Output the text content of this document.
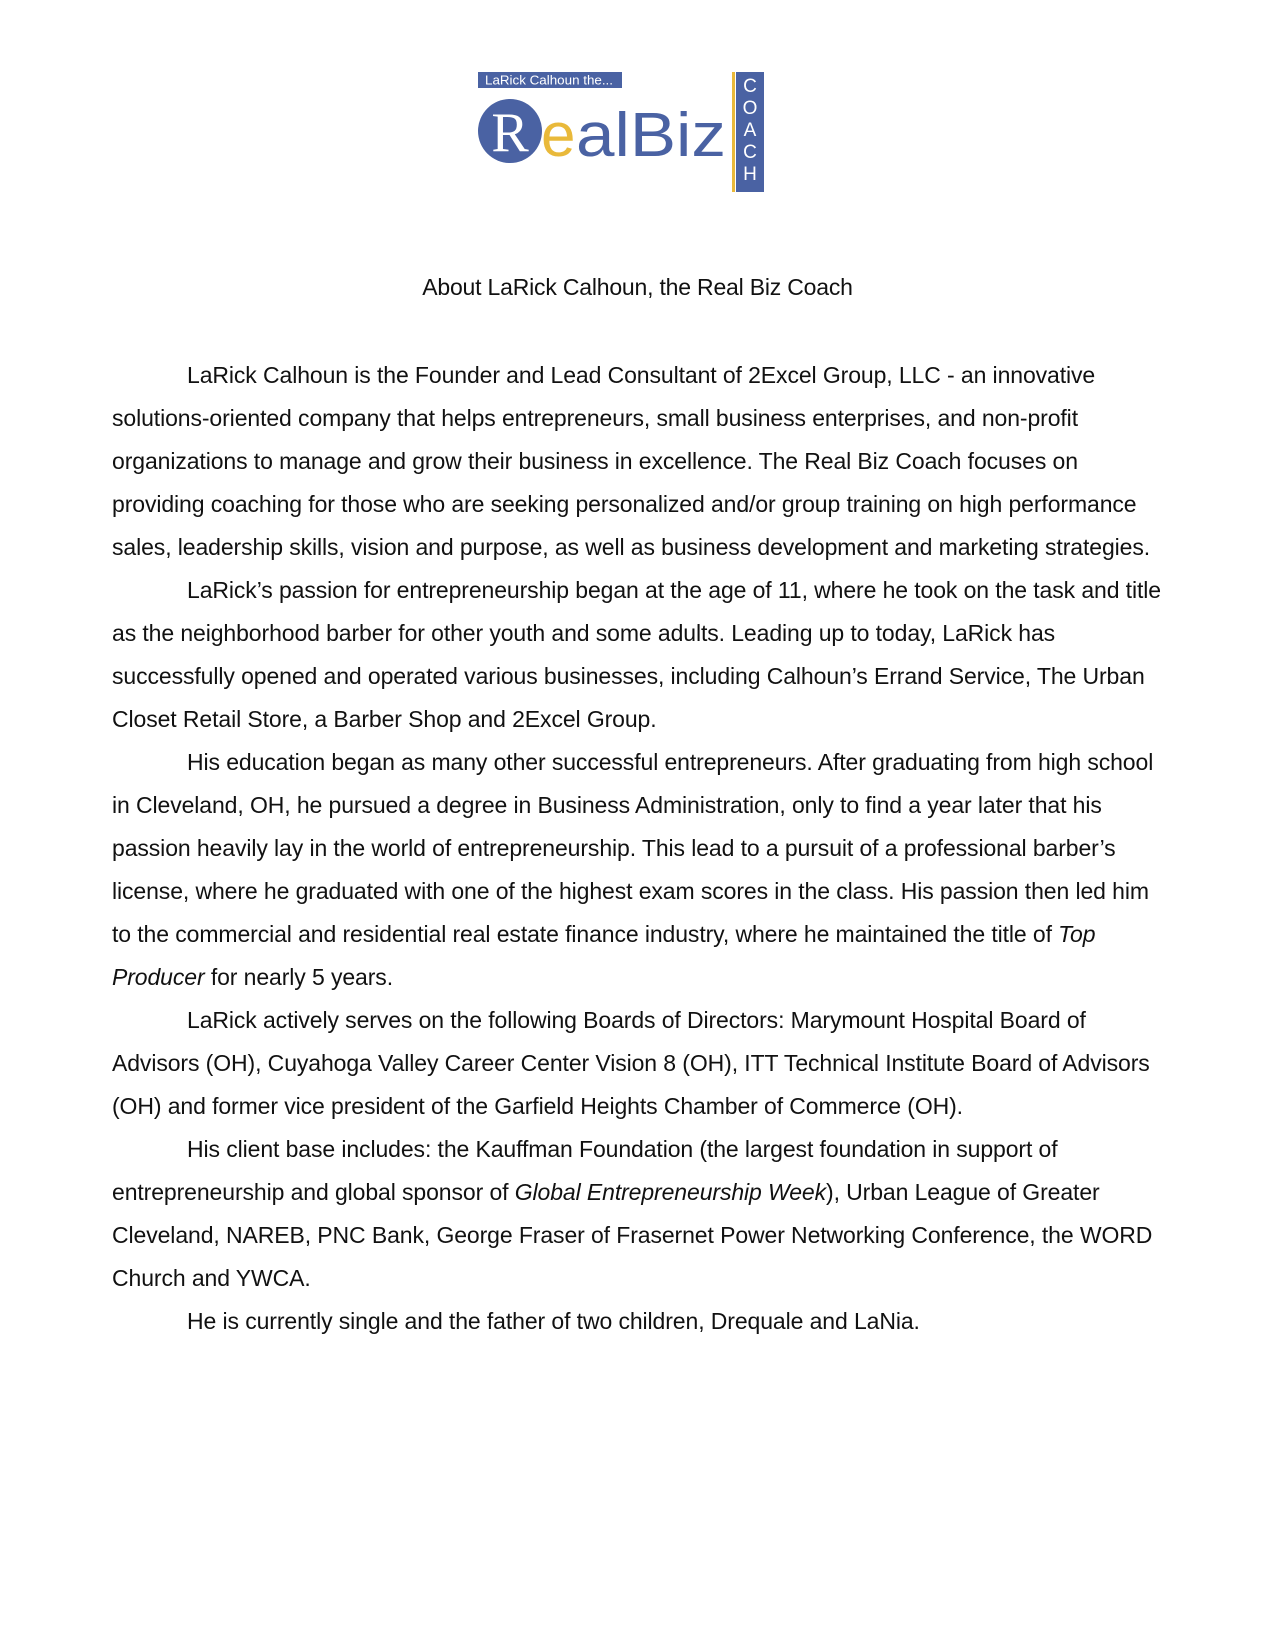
LaRick Calhoun the...
R e alBiz
C O A C H
About LaRick Calhoun, the Real Biz Coach

LaRick Calhoun is the Founder and Lead Consultant of 2Excel Group, LLC - an innovative solutions-oriented company that helps entrepreneurs, small business enterprises, and non-profit organizations to manage and grow their business in excellence. The Real Biz Coach focuses on providing coaching for those who are seeking personalized and/or group training on high performance sales, leadership skills, vision and purpose, as well as business development and marketing strategies.

LaRick’s passion for entrepreneurship began at the age of 11, where he took on the task and title as the neighborhood barber for other youth and some adults. Leading up to today, LaRick has successfully opened and operated various businesses, including Calhoun’s Errand Service, The Urban Closet Retail Store, a Barber Shop and 2Excel Group.

His education began as many other successful entrepreneurs. After graduating from high school in Cleveland, OH, he pursued a degree in Business Administration, only to find a year later that his passion heavily lay in the world of entrepreneurship. This lead to a pursuit of a professional barber’s license, where he graduated with one of the highest exam scores in the class. His passion then led him to the commercial and residential real estate finance industry, where he maintained the title of Top Producer for nearly 5 years.

LaRick actively serves on the following Boards of Directors: Marymount Hospital Board of Advisors (OH), Cuyahoga Valley Career Center Vision 8 (OH), ITT Technical Institute Board of Advisors (OH) and former vice president of the Garfield Heights Chamber of Commerce (OH).

His client base includes: the Kauffman Foundation (the largest foundation in support of entrepreneurship and global sponsor of Global Entrepreneurship Week), Urban League of Greater Cleveland, NAREB, PNC Bank, George Fraser of Frasernet Power Networking Conference, the WORD Church and YWCA.

He is currently single and the father of two children, Drequale and LaNia.
